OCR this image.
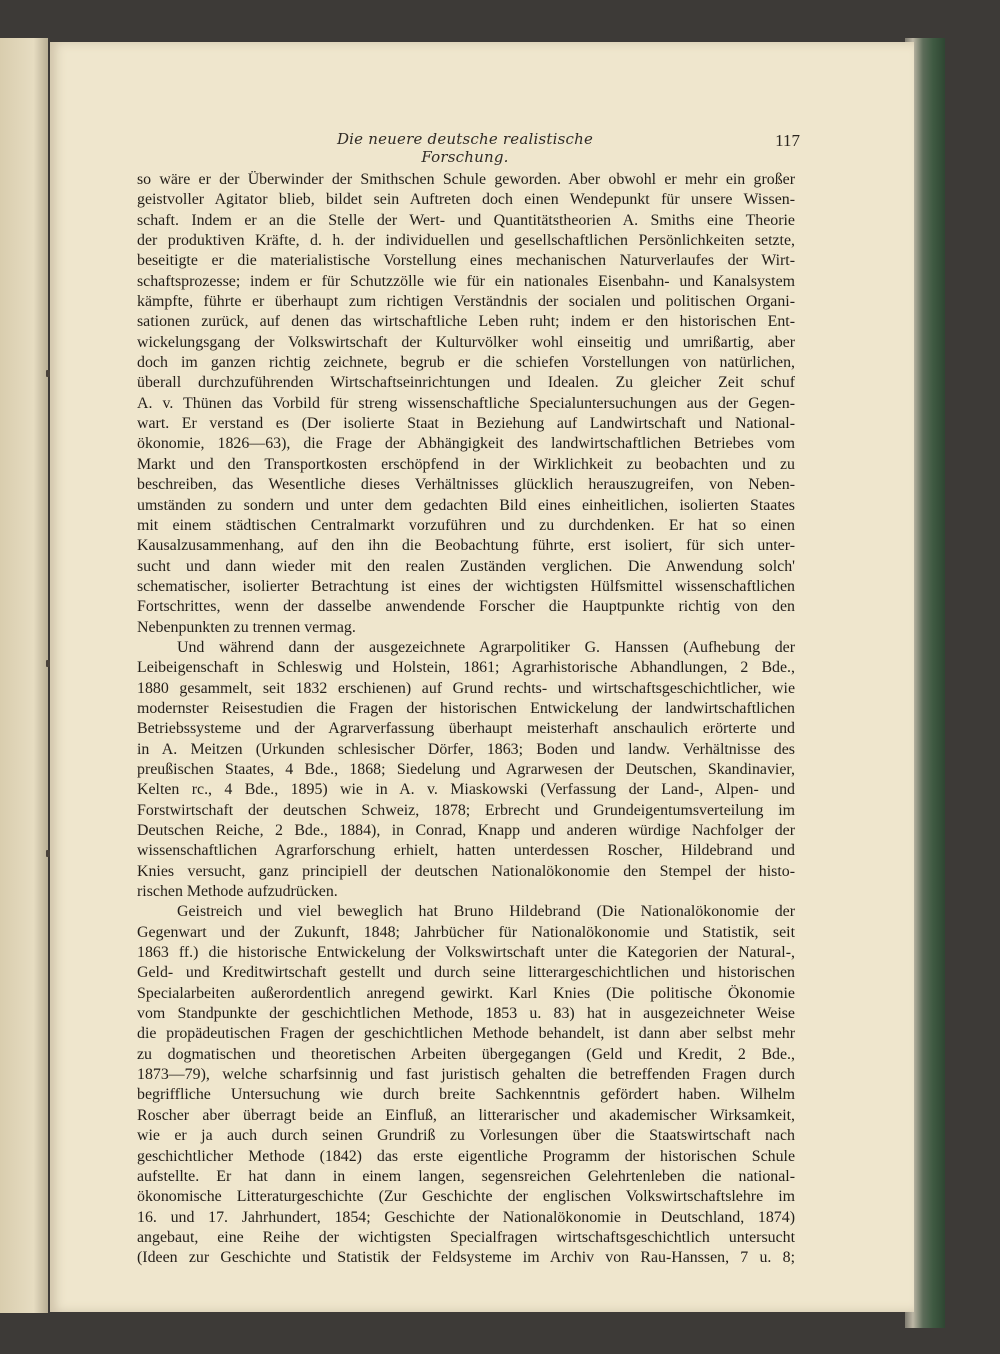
Die neuere deutsche realistische Forschung.
117
so wäre er der Überwinder der Smithschen Schule geworden. Aber obwohl er mehr ein großer
geistvoller Agitator blieb, bildet sein Auftreten doch einen Wendepunkt für unsere Wissen-
schaft. Indem er an die Stelle der Wert- und Quantitätstheorien A. Smiths eine Theorie
der produktiven Kräfte, d. h. der individuellen und gesellschaftlichen Persönlichkeiten setzte,
beseitigte er die materialistische Vorstellung eines mechanischen Naturverlaufes der Wirt-
schaftsprozesse; indem er für Schutzzölle wie für ein nationales Eisenbahn- und Kanalsystem
kämpfte, führte er überhaupt zum richtigen Verständnis der socialen und politischen Organi-
sationen zurück, auf denen das wirtschaftliche Leben ruht; indem er den historischen Ent-
wickelungsgang der Volkswirtschaft der Kulturvölker wohl einseitig und umrißartig, aber
doch im ganzen richtig zeichnete, begrub er die schiefen Vorstellungen von natürlichen,
überall durchzuführenden Wirtschaftseinrichtungen und Idealen. Zu gleicher Zeit schuf
A. v. Thünen das Vorbild für streng wissenschaftliche Specialuntersuchungen aus der Gegen-
wart. Er verstand es (Der isolierte Staat in Beziehung auf Landwirtschaft und National-
ökonomie, 1826—63), die Frage der Abhängigkeit des landwirtschaftlichen Betriebes vom
Markt und den Transportkosten erschöpfend in der Wirklichkeit zu beobachten und zu
beschreiben, das Wesentliche dieses Verhältnisses glücklich herauszugreifen, von Neben-
umständen zu sondern und unter dem gedachten Bild eines einheitlichen, isolierten Staates
mit einem städtischen Centralmarkt vorzuführen und zu durchdenken. Er hat so einen
Kausalzusammenhang, auf den ihn die Beobachtung führte, erst isoliert, für sich unter-
sucht und dann wieder mit den realen Zuständen verglichen. Die Anwendung solch'
schematischer, isolierter Betrachtung ist eines der wichtigsten Hülfsmittel wissenschaftlichen
Fortschrittes, wenn der dasselbe anwendende Forscher die Hauptpunkte richtig von den
Nebenpunkten zu trennen vermag.
Und während dann der ausgezeichnete Agrarpolitiker G. Hanssen (Aufhebung der
Leibeigenschaft in Schleswig und Holstein, 1861; Agrarhistorische Abhandlungen, 2 Bde.,
1880 gesammelt, seit 1832 erschienen) auf Grund rechts- und wirtschaftsgeschichtlicher, wie
modernster Reisestudien die Fragen der historischen Entwickelung der landwirtschaftlichen
Betriebssysteme und der Agrarverfassung überhaupt meisterhaft anschaulich erörterte und
in A. Meitzen (Urkunden schlesischer Dörfer, 1863; Boden und landw. Verhältnisse des
preußischen Staates, 4 Bde., 1868; Siedelung und Agrarwesen der Deutschen, Skandinavier,
Kelten rc., 4 Bde., 1895) wie in A. v. Miaskowski (Verfassung der Land-, Alpen- und
Forstwirtschaft der deutschen Schweiz, 1878; Erbrecht und Grundeigentumsverteilung im
Deutschen Reiche, 2 Bde., 1884), in Conrad, Knapp und anderen würdige Nachfolger der
wissenschaftlichen Agrarforschung erhielt, hatten unterdessen Roscher, Hildebrand und
Knies versucht, ganz principiell der deutschen Nationalökonomie den Stempel der histo-
rischen Methode aufzudrücken.
Geistreich und viel beweglich hat Bruno Hildebrand (Die Nationalökonomie der
Gegenwart und der Zukunft, 1848; Jahrbücher für Nationalökonomie und Statistik, seit
1863 ff.) die historische Entwickelung der Volkswirtschaft unter die Kategorien der Natural-,
Geld- und Kreditwirtschaft gestellt und durch seine litterargeschichtlichen und historischen
Specialarbeiten außerordentlich anregend gewirkt. Karl Knies (Die politische Ökonomie
vom Standpunkte der geschichtlichen Methode, 1853 u. 83) hat in ausgezeichneter Weise
die propädeutischen Fragen der geschichtlichen Methode behandelt, ist dann aber selbst mehr
zu dogmatischen und theoretischen Arbeiten übergegangen (Geld und Kredit, 2 Bde.,
1873—79), welche scharfsinnig und fast juristisch gehalten die betreffenden Fragen durch
begriffliche Untersuchung wie durch breite Sachkenntnis gefördert haben. Wilhelm
Roscher aber überragt beide an Einfluß, an litterarischer und akademischer Wirksamkeit,
wie er ja auch durch seinen Grundriß zu Vorlesungen über die Staatswirtschaft nach
geschichtlicher Methode (1842) das erste eigentliche Programm der historischen Schule
aufstellte. Er hat dann in einem langen, segensreichen Gelehrtenleben die national-
ökonomische Litteraturgeschichte (Zur Geschichte der englischen Volkswirtschaftslehre im
16. und 17. Jahrhundert, 1854; Geschichte der Nationalökonomie in Deutschland, 1874)
angebaut, eine Reihe der wichtigsten Specialfragen wirtschaftsgeschichtlich untersucht
(Ideen zur Geschichte und Statistik der Feldsysteme im Archiv von Rau-Hanssen, 7 u. 8;
